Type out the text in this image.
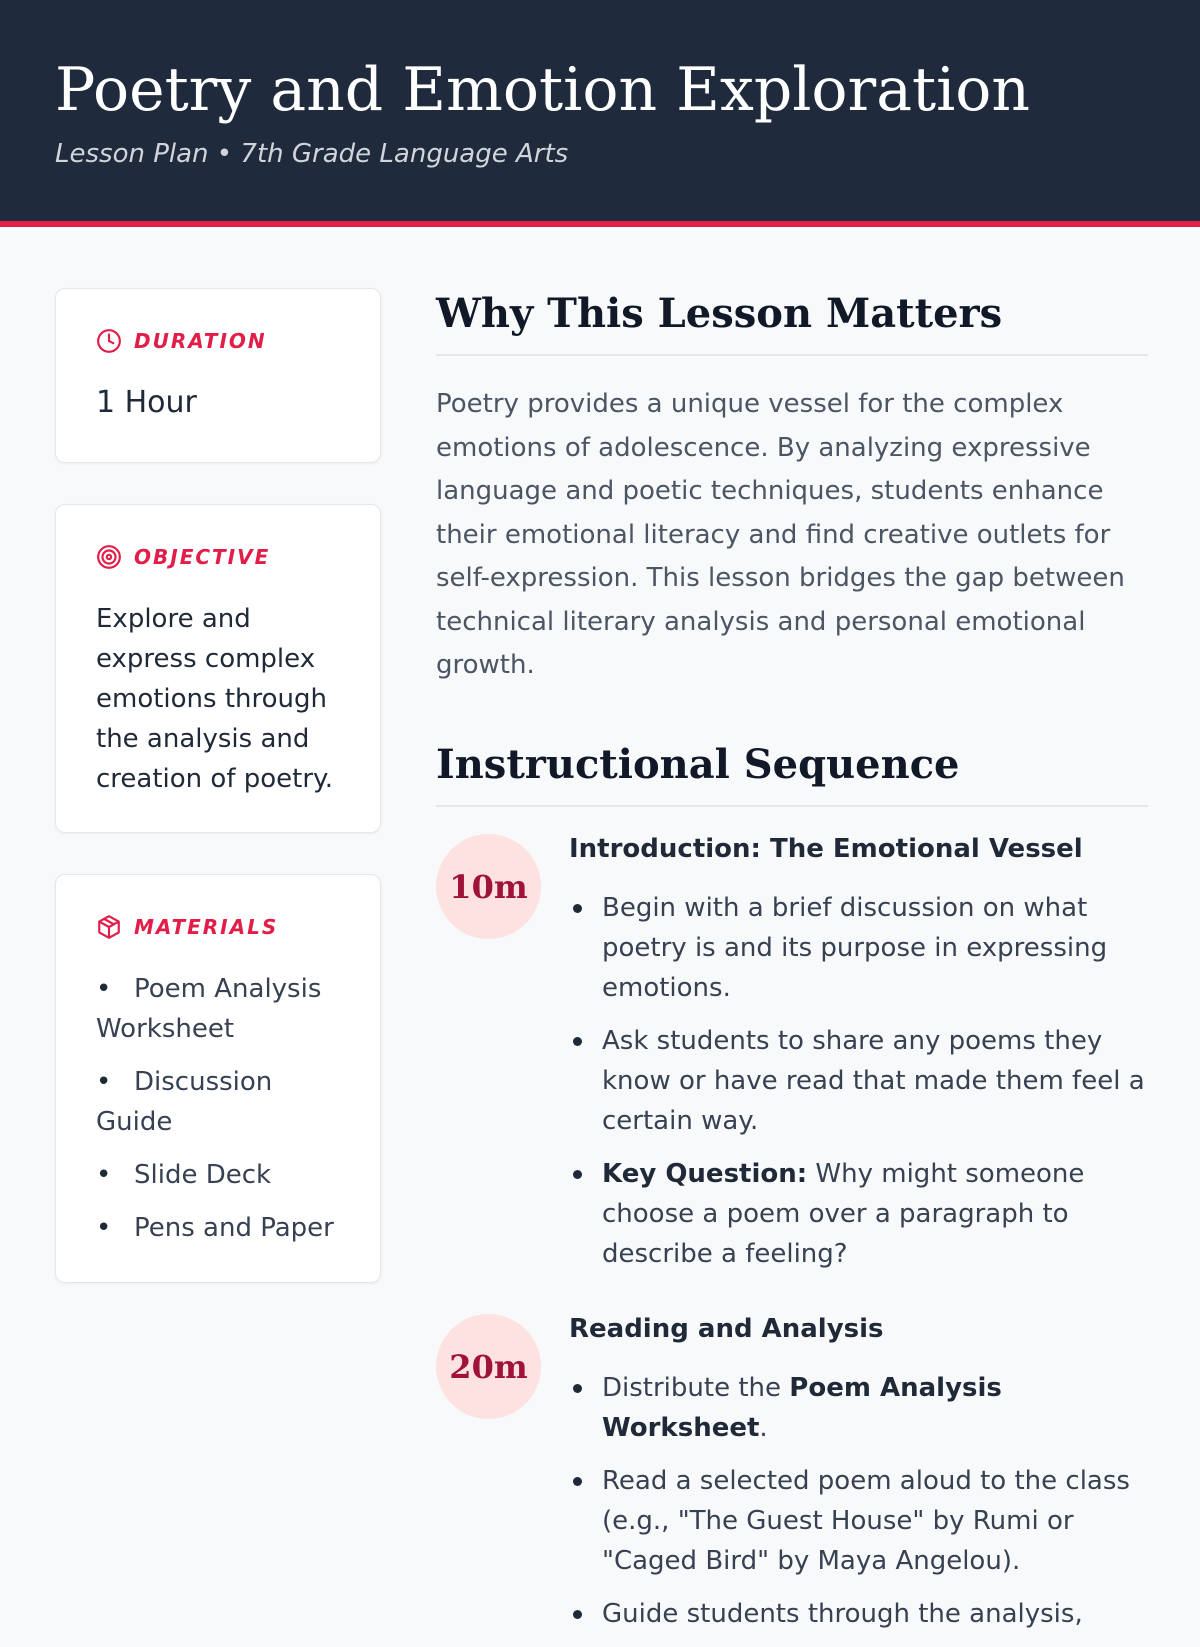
Poetry and Emotion Exploration
Lesson Plan • 7th Grade Language Arts
DURATION
1 Hour
OBJECTIVE
Explore and express complex emotions through the analysis and creation of poetry.
MATERIALS
• Poem Analysis Worksheet
• Discussion Guide
• Slide Deck
• Pens and Paper
Why This Lesson Matters

Poetry provides a unique vessel for the complex emotions of adolescence. By analyzing expressive language and poetic techniques, students enhance their emotional literacy and find creative outlets for self-expression. This lesson bridges the gap between technical literary analysis and personal emotional growth.

Instructional Sequence
10m
Introduction: The Emotional Vessel
Begin with a brief discussion on what poetry is and its purpose in expressing emotions.
Ask students to share any poems they know or have read that made them feel a certain way.
Key Question: Why might someone choose a poem over a paragraph to describe a feeling?
20m
Reading and Analysis
Distribute the Poem Analysis Worksheet.
Read a selected poem aloud to the class (e.g., "The Guest House" by Rumi or "Caged Bird" by Maya Angelou).
Guide students through the analysis,
